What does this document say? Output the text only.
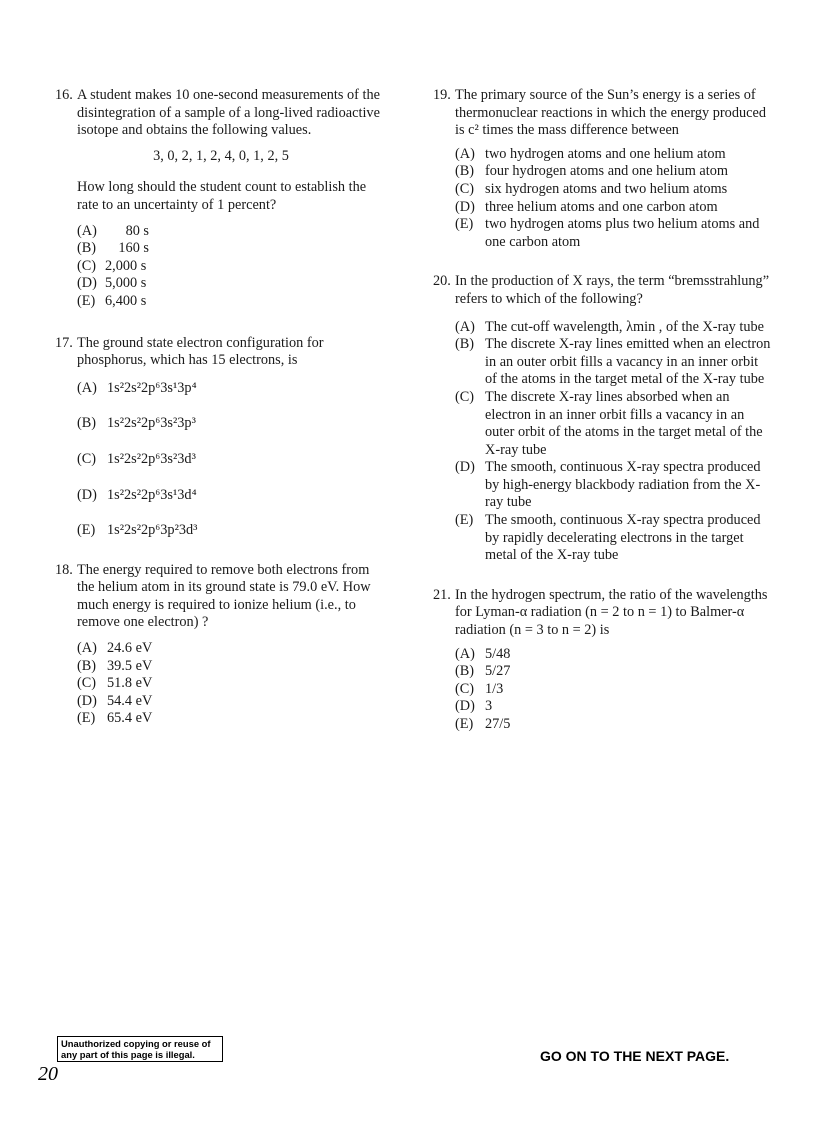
16. A student makes 10 one-second measurements of the disintegration of a sample of a long-lived radioactive isotope and obtains the following values.

3, 0, 2, 1, 2, 4, 0, 1, 2, 5

How long should the student count to establish the rate to an uncertainty of 1 percent?

(A) 80 s
(B) 160 s
(C) 2,000 s
(D) 5,000 s
(E) 6,400 s
17. The ground state electron configuration for phosphorus, which has 15 electrons, is

(A) 1s²2s²2p⁶3s¹3p⁴
(B) 1s²2s²2p⁶3s²3p³
(C) 1s²2s²2p⁶3s²3d³
(D) 1s²2s²2p⁶3s¹3d⁴
(E) 1s²2s²2p⁶3p²3d³
18. The energy required to remove both electrons from the helium atom in its ground state is 79.0 eV. How much energy is required to ionize helium (i.e., to remove one electron) ?

(A) 24.6 eV
(B) 39.5 eV
(C) 51.8 eV
(D) 54.4 eV
(E) 65.4 eV
19. The primary source of the Sun’s energy is a series of thermonuclear reactions in which the energy produced is c² times the mass difference between

(A) two hydrogen atoms and one helium atom
(B) four hydrogen atoms and one helium atom
(C) six hydrogen atoms and two helium atoms
(D) three helium atoms and one carbon atom
(E) two hydrogen atoms plus two helium atoms and one carbon atom
20. In the production of X rays, the term “bremsstrahlung” refers to which of the following?

(A) The cut-off wavelength, λmin , of the X-ray tube
(B) The discrete X-ray lines emitted when an electron in an outer orbit fills a vacancy in an inner orbit of the atoms in the target metal of the X-ray tube
(C) The discrete X-ray lines absorbed when an electron in an inner orbit fills a vacancy in an outer orbit of the atoms in the target metal of the X-ray tube
(D) The smooth, continuous X-ray spectra produced by high-energy blackbody radiation from the X-ray tube
(E) The smooth, continuous X-ray spectra produced by rapidly decelerating electrons in the target metal of the X-ray tube
21. In the hydrogen spectrum, the ratio of the wavelengths for Lyman-α radiation (n = 2 to n = 1) to Balmer-α radiation (n = 3 to n = 2) is

(A) 5/48
(B) 5/27
(C) 1/3
(D) 3
(E) 27/5
Unauthorized copying or reuse of any part of this page is illegal.	GO ON TO THE NEXT PAGE.
20
